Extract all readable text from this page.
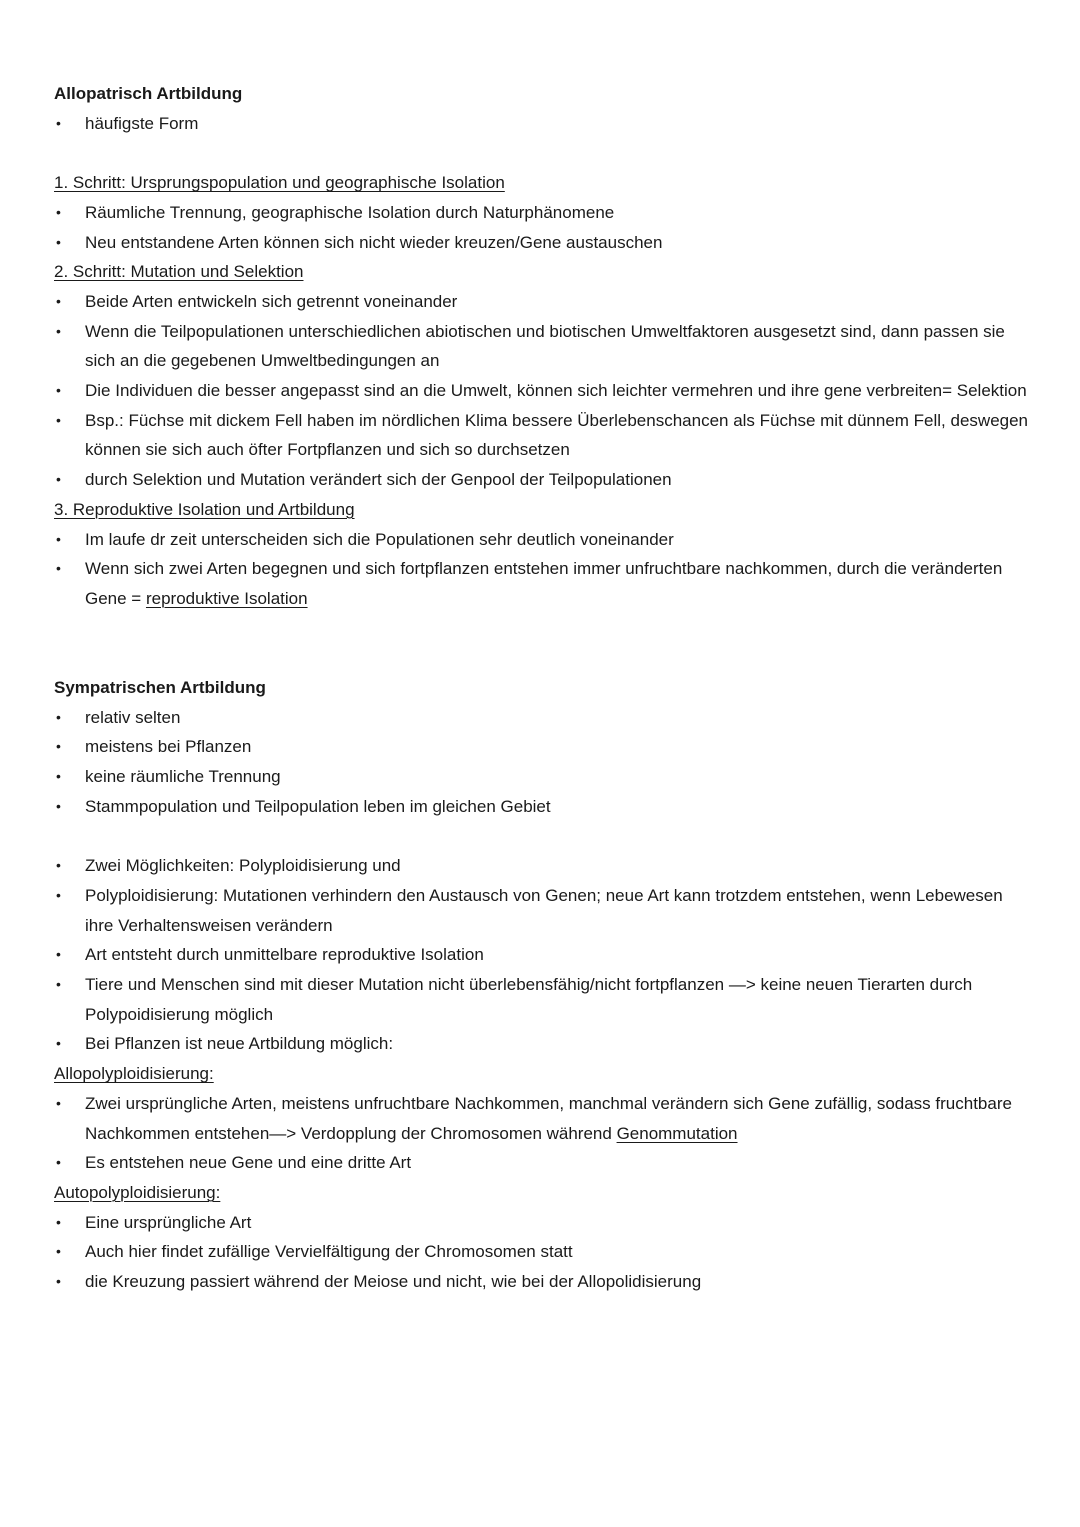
Allopatrisch Artbildung
•	häufigste Form
1. Schritt: Ursprungspopulation und geographische Isolation
•	Räumliche Trennung, geographische Isolation durch Naturphänomene
•	Neu entstandene Arten können sich nicht wieder kreuzen/Gene austauschen
2. Schritt: Mutation und Selektion
•	Beide Arten entwickeln sich getrennt voneinander
•	Wenn die Teilpopulationen unterschiedlichen abiotischen und biotischen Umweltfaktoren ausgesetzt sind, dann passen sie sich an die gegebenen Umweltbedingungen an
•	Die Individuen die besser angepasst sind an die Umwelt, können sich leichter vermehren und ihre gene verbreiten= Selektion
•	Bsp.: Füchse mit dickem Fell haben im nördlichen Klima bessere Überlebenschancen als Füchse mit dünnem Fell, deswegen können sie sich auch öfter Fortpflanzen und sich so durchsetzen
•	durch Selektion und Mutation verändert sich der Genpool der Teilpopulationen
3. Reproduktive Isolation und Artbildung
•	Im laufe dr zeit unterscheiden sich die Populationen sehr deutlich voneinander
•	Wenn sich zwei Arten begegnen und sich fortpflanzen entstehen immer unfruchtbare nachkommen, durch die veränderten Gene = reproduktive Isolation
Sympatrischen Artbildung
•	relativ selten
•	meistens bei Pflanzen
•	keine räumliche Trennung
•	Stammpopulation und Teilpopulation leben im gleichen Gebiet
•	Zwei Möglichkeiten: Polyploidisierung und
•	Polyploidisierung: Mutationen verhindern den Austausch von Genen; neue Art kann trotzdem entstehen, wenn Lebewesen ihre Verhaltensweisen verändern
•	Art entsteht durch unmittelbare reproduktive Isolation
•	Tiere und Menschen sind mit dieser Mutation nicht überlebensfähig/nicht fortpflanzen —> keine neuen Tierarten durch Polypoidisierung möglich
•	Bei Pflanzen ist neue Artbildung möglich:
Allopolyploidisierung:
•	Zwei ursprüngliche Arten, meistens unfruchtbare Nachkommen, manchmal verändern sich Gene zufällig, sodass fruchtbare Nachkommen entstehen—> Verdopplung der Chromosomen während Genommutation
•	Es entstehen neue Gene und eine dritte Art
Autopolyploidisierung:
•	Eine ursprüngliche Art
•	Auch hier findet zufällige Vervielfältigung der Chromosomen statt
•	die Kreuzung passiert während der Meiose und nicht, wie bei der Allopolidisierung
